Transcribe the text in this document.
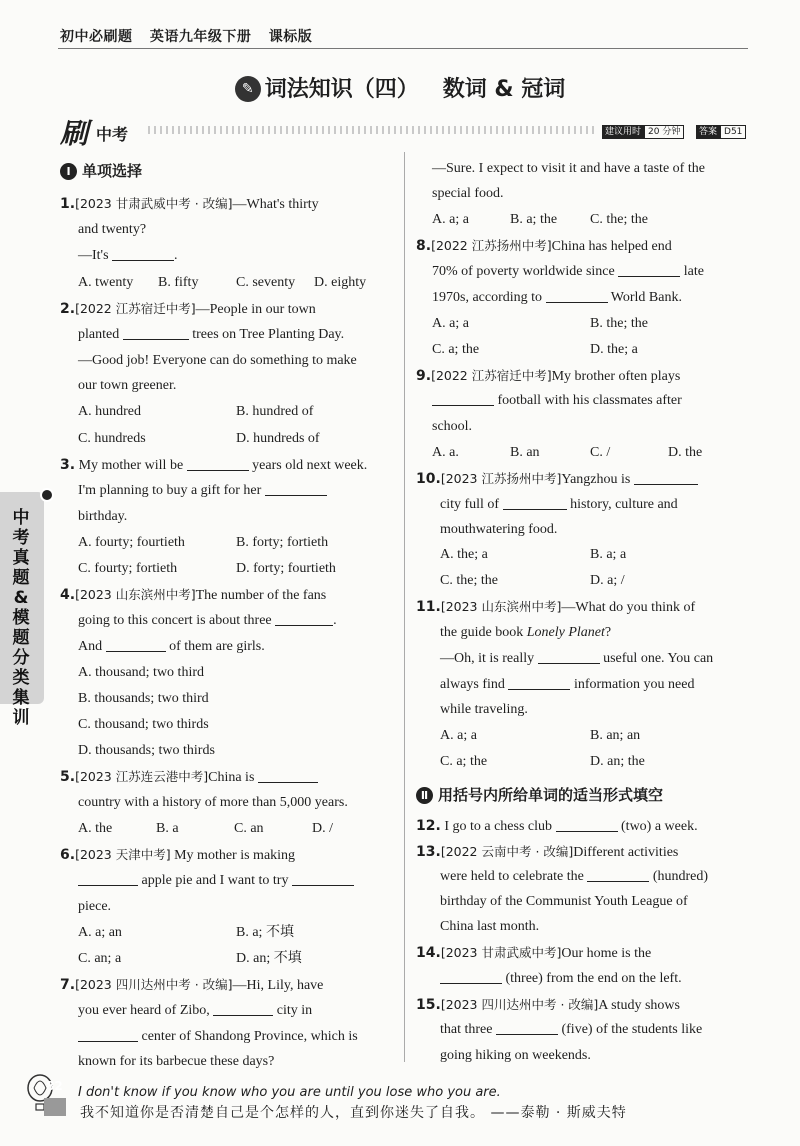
初中必刷题 英语九年级下册 课标版
✎ 词法知识（四） 数词 & 冠词
刷 中考	建议用时 20 分钟	答案 D51
中考真题&模题分类集训
Ⅰ 单项选择
1.[2023 甘肃武威中考 · 改编]—What's thirty
and twenty?
—It's	.
A. twenty B. fifty	C. seventy D. eighty
2.[2022 江苏宿迁中考]—People in our town
planted	trees on Tree Planting Day.
—Good job! Everyone can do something to make
our town greener.
A. hundred	B. hundred of
C. hundreds	D. hundreds of
3. My mother will be	years old next week.
I'm planning to buy a gift for her
birthday.
A. fourty; fourtieth	B. forty; fortieth
C. fourty; fortieth	D. forty; fourtieth
4.[2023 山东滨州中考]The number of the fans
going to this concert is about three	.
And	of them are girls.
A. thousand; two third
B. thousands; two third
C. thousand; two thirds
D. thousands; two thirds
5.[2023 江苏连云港中考]China is
country with a history of more than 5,000 years.
A. the	B. a	C. an	D. /
6.[2023 天津中考] My mother is making
apple pie and I want to try
piece.
A. a; an	B. a; 不填
C. an; a	D. an; 不填
7.[2023 四川达州中考 · 改编]—Hi, Lily, have
you ever heard of Zibo,	city in
center of Shandong Province, which is
known for its barbecue these days?
—Sure. I expect to visit it and have a taste of the
special food.
A. a; a	B. a; the C. the; the
8.[2022 江苏扬州中考]China has helped end
70% of poverty worldwide since	late
1970s, according to	World Bank.
A. a; a	B. the; the
C. a; the	D. the; a
9.[2022 江苏宿迁中考]My brother often plays
football with his classmates after
school.
A. a.	B. an	C. /	D. the
10.[2023 江苏扬州中考]Yangzhou is
city full of	history, culture and
mouthwatering food.
A. the; a	B. a; a
C. the; the	D. a; /
11.[2023 山东滨州中考]—What do you think of
the guide book Lonely Planet?
—Oh, it is really	useful one. You can
always find	information you need
while traveling.
A. a; a	B. an; an
C. a; the	D. an; the
Ⅱ 用括号内所给单词的适当形式填空
12. I go to a chess club	(two) a week.
13.[2022 云南中考 · 改编]Different activities
were held to celebrate the	(hundred)
birthday of the Communist Youth League of
China last month.
14.[2023 甘肃武威中考]Our home is the
(three) from the end on the left.
15.[2023 四川达州中考 · 改编]A study shows
that three	(five) of the students like
going hiking on weekends.
82 I don't know if you know who you are until you lose who you are.
我不知道你是否清楚自己是个怎样的人，直到你迷失了自我。 ——泰勒 · 斯威夫特
